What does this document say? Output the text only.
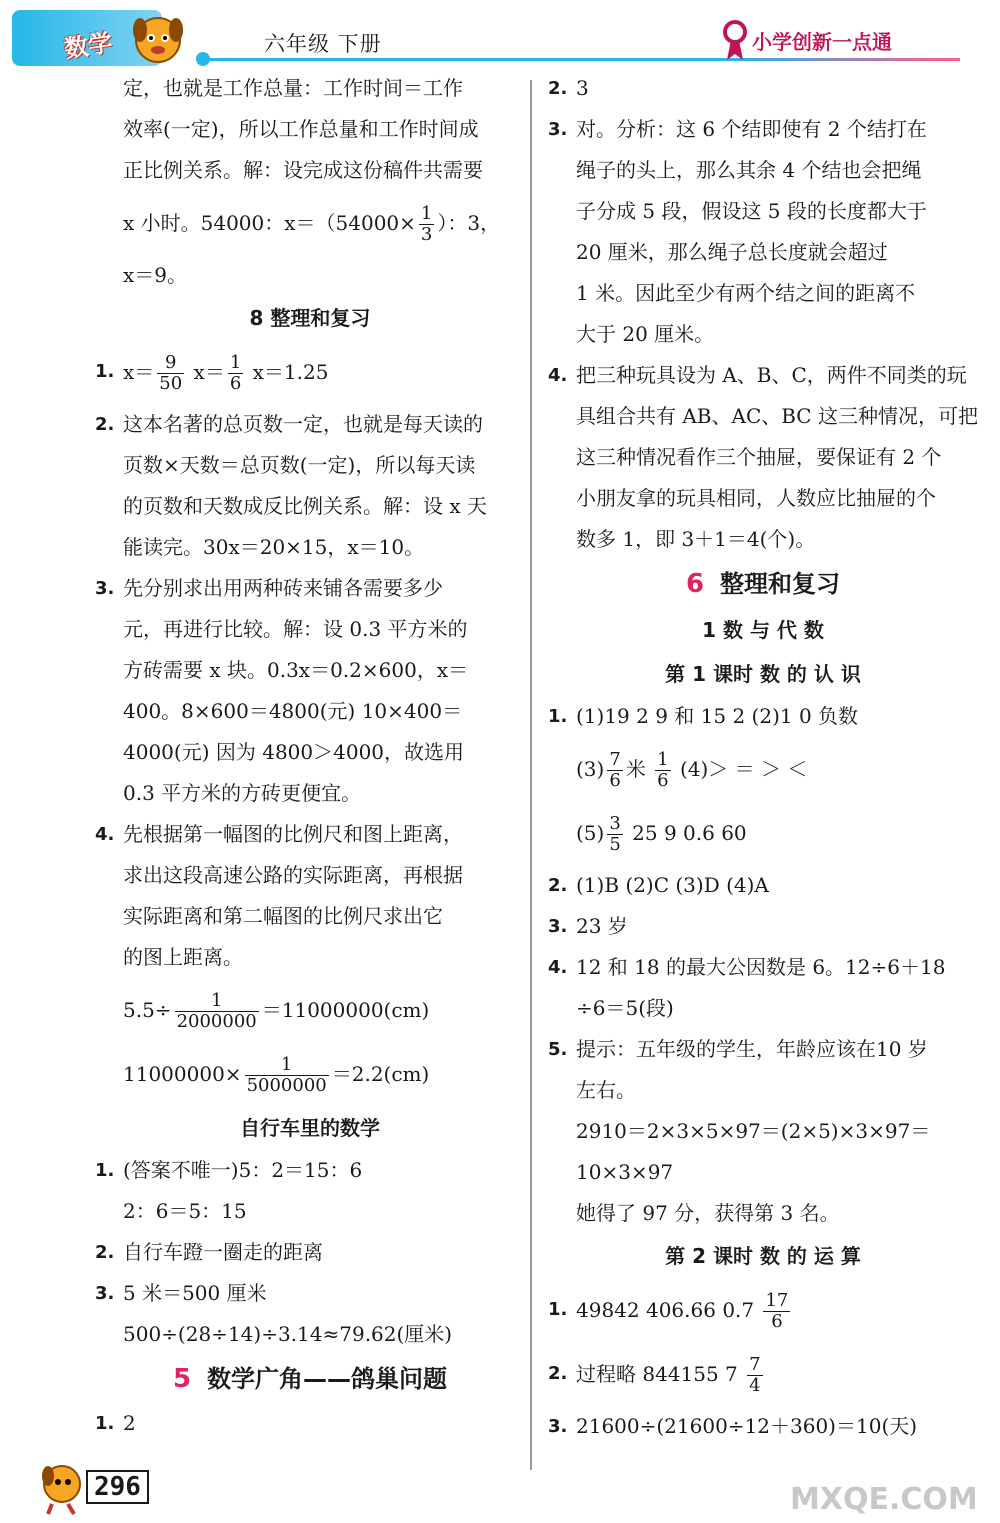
数学	六年级 下册	小学创新一点通
定，也就是工作总量：工作时间＝工作
效率(一定)，所以工作总量和工作时间成
正比例关系。解：设完成这份稿件共需要
x 小时。54000：$x=(54000\times \frac{1}{3}$ ）：3，
x＝9。
8 整理和复习
1. $x= \frac{9}{50} x= \frac{1}{6} x=1.25$
2. 这本名著的总页数一定，也就是每天读的
页数×天数＝总页数(一定)，所以每天读
的页数和天数成反比例关系。解：设 x 天
能读完。30x＝20×15，x＝10。
3. 先分别求出用两种砖来铺各需要多少
元，再进行比较。解：设 0.3 平方米的
方砖需要 x 块。0.3x＝0.2×600，x＝
400。8×600＝4800(元) 10×400＝
4000(元) 因为 4800＞4000，故选用
0.3 平方米的方砖更便宜。
4. 先根据第一幅图的比例尺和图上距离，
求出这段高速公路的实际距离，再根据
实际距离和第二幅图的比例尺求出它
的图上距离。
$5.5\div \frac{1}{2000000} =11000000(cm)$
$11000000\times \frac{1}{5000000} =2.2(cm)$
自行车里的数学
1. (答案不唯一)5：2＝15：6
2：6＝5：15
2. 自行车蹬一圈走的距离
3. 5 米＝500 厘米
500÷(28÷14)÷3.14≈79.62(厘米)
5 数学广角——鸽巢问题
1. 2
2. 3
3. 对。分析：这 6 个结即使有 2 个结打在
绳子的头上，那么其余 4 个结也会把绳
子分成 5 段，假设这 5 段的长度都大于
20 厘米，那么绳子总长度就会超过
1 米。因此至少有两个结之间的距离不
大于 20 厘米。
4. 把三种玩具设为 A、B、C，两件不同类的玩
具组合共有 AB、AC、BC 这三种情况，可把
这三种情况看作三个抽屉，要保证有 2 个
小朋友拿的玩具相同，人数应比抽屉的个
数多 1，即 3＋1＝4(个)。
6 整理和复习
1 数 与 代 数
第 1 课时 数 的 认 识
1. (1)19 2 9 和 15 2 (2)1 0 负数
$(3) \frac{7}{6}$ 米 $\frac{1}{6} (4)>$ ＝ ＞ ＜
$(5) \frac{3}{5} 25$ 9 0.6 60
2. (1)B (2)C (3)D (4)A
3. 23 岁
4. 12 和 18 的最大公因数是 6。12÷6＋18
÷6＝5(段)
5. 提示：五年级的学生，年龄应该在10 岁
左右。
2910＝2×3×5×97＝(2×5)×3×97＝
10×3×97
她得了 97 分，获得第 3 名。
第 2 课时 数 的 运 算
1. 49842 406.66 $0.7 \frac{17}{6}$
2. 过程略 844155 $7 \frac{7}{4}$
3. 21600÷(21600÷12＋360)＝10(天)
296	MXQE.COM
